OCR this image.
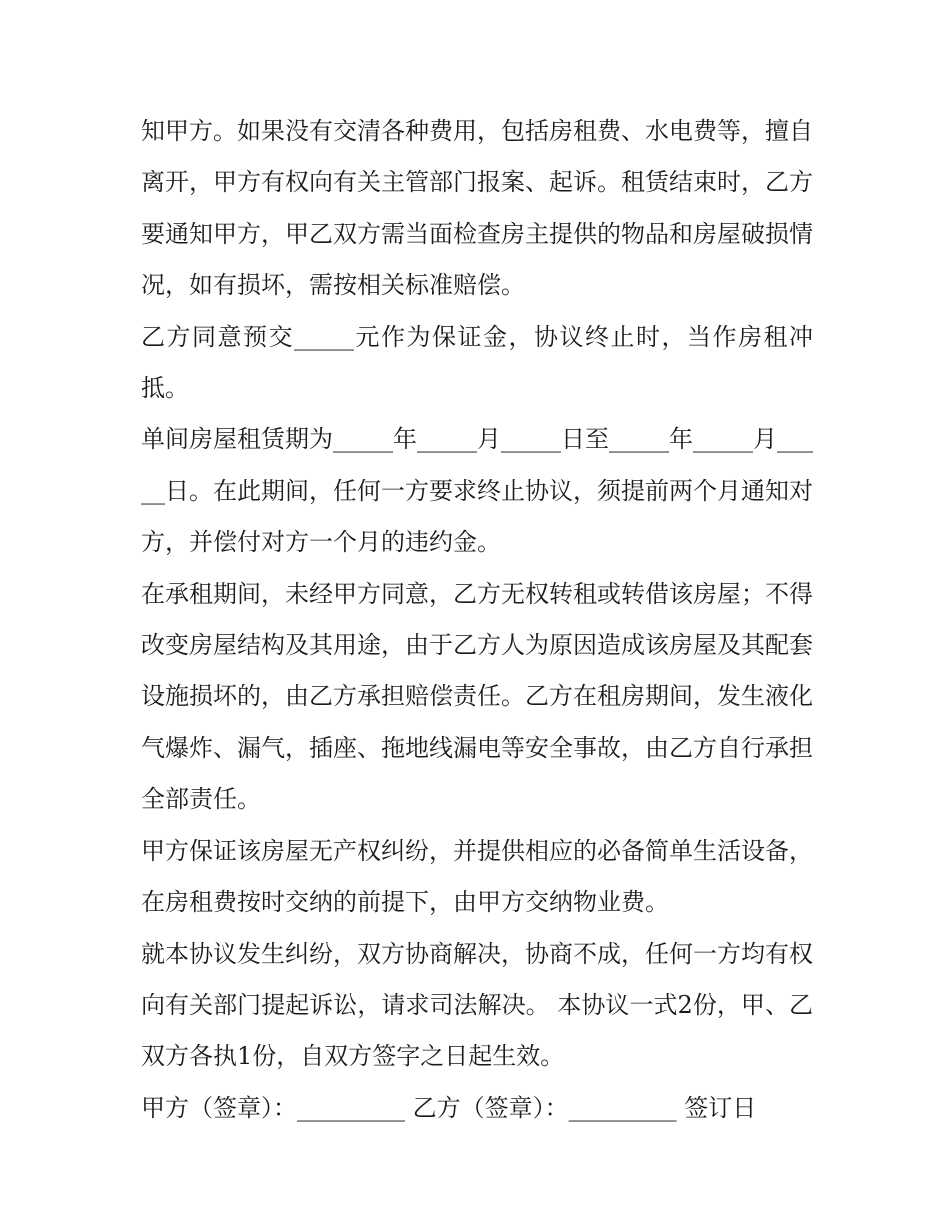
知甲方。如果没有交清各种费用，包括房租费、水电费等，擅自离开，甲方有权向有关主管部门报案、起诉。租赁结束时，乙方要通知甲方，甲乙双方需当面检查房主提供的物品和房屋破损情况，如有损坏，需按相关标准赔偿。

乙方同意预交_____元作为保证金，协议终止时，当作房租冲抵。

单间房屋租赁期为_____年_____月_____日至_____年_____月_____日。在此期间，任何一方要求终止协议，须提前两个月通知对方，并偿付对方一个月的违约金。

在承租期间，未经甲方同意，乙方无权转租或转借该房屋；不得改变房屋结构及其用途，由于乙方人为原因造成该房屋及其配套设施损坏的，由乙方承担赔偿责任。乙方在租房期间，发生液化气爆炸、漏气，插座、拖地线漏电等安全事故，由乙方自行承担全部责任。

甲方保证该房屋无产权纠纷，并提供相应的必备简单生活设备，在房租费按时交纳的前提下，由甲方交纳物业费。

就本协议发生纠纷，双方协商解决，协商不成，任何一方均有权向有关部门提起诉讼，请求司法解决。 本协议一式2份，甲、乙双方各执1份，自双方签字之日起生效。

甲方（签章）：_________ 乙方（签章）：_________ 签订日
